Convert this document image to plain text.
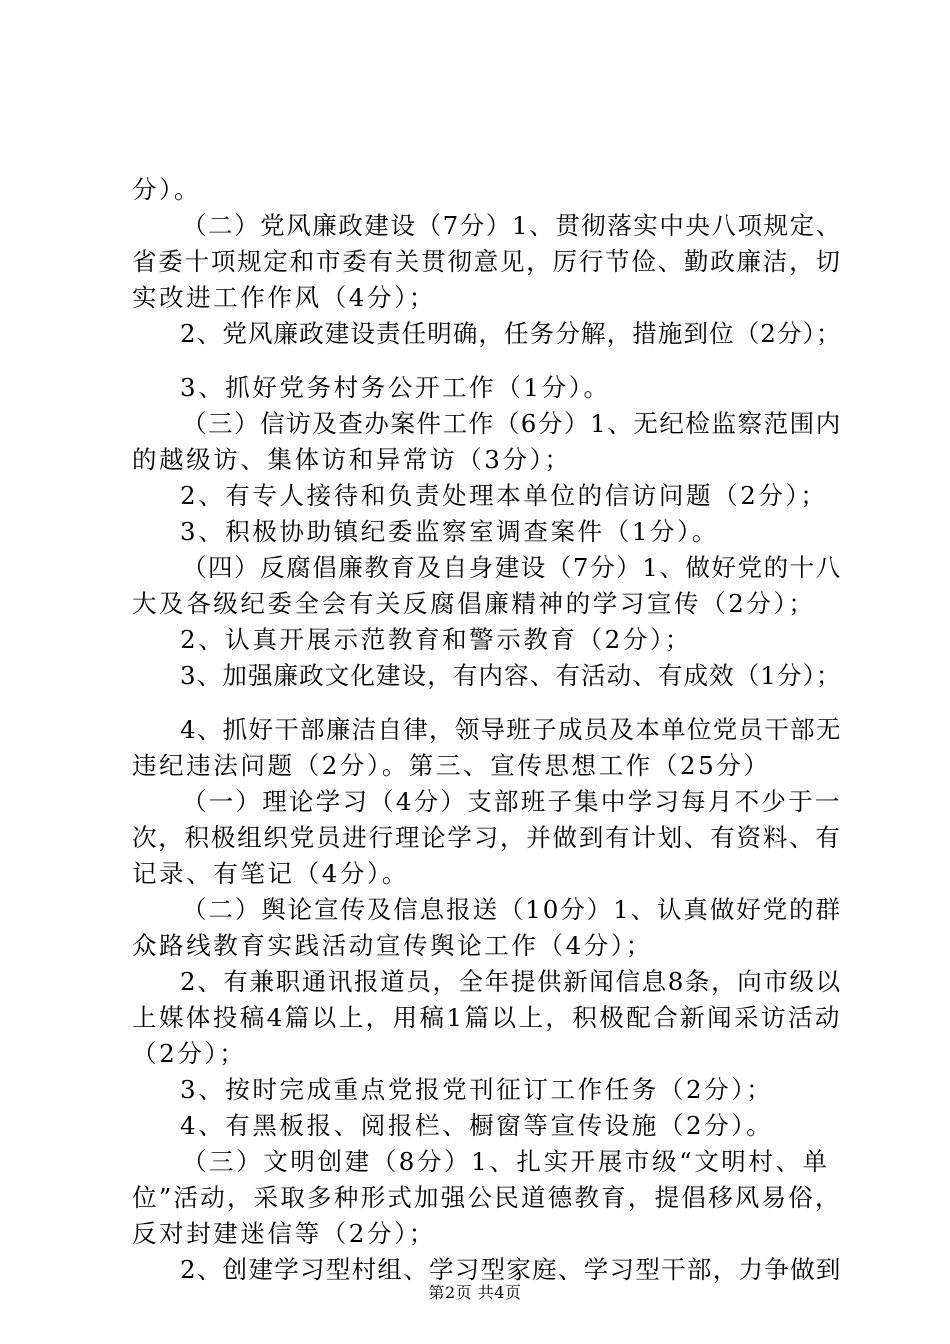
分）。
（二）党风廉政建设（7分）1、贯彻落实中央八项规定、
省委十项规定和市委有关贯彻意见，厉行节俭、勤政廉洁，切
实改进工作作风（4分）；
2、党风廉政建设责任明确，任务分解，措施到位（2分）；
3、抓好党务村务公开工作（1分）。
（三）信访及查办案件工作（6分）1、无纪检监察范围内
的越级访、集体访和异常访（3分）；
2、有专人接待和负责处理本单位的信访问题（2分）；
3、积极协助镇纪委监察室调查案件（1分）。
（四）反腐倡廉教育及自身建设（7分）1、做好党的十八
大及各级纪委全会有关反腐倡廉精神的学习宣传（2分）；
2、认真开展示范教育和警示教育（2分）；
3、加强廉政文化建设，有内容、有活动、有成效（1分）；
4、抓好干部廉洁自律，领导班子成员及本单位党员干部无
违纪违法问题（2分）。第三、宣传思想工作（25分）
（一）理论学习（4分）支部班子集中学习每月不少于一
次，积极组织党员进行理论学习，并做到有计划、有资料、有
记录、有笔记（4分）。
（二）舆论宣传及信息报送（10分）1、认真做好党的群
众路线教育实践活动宣传舆论工作（4分）；
2、有兼职通讯报道员，全年提供新闻信息8条，向市级以
上媒体投稿4篇以上，用稿1篇以上，积极配合新闻采访活动
（2分）；
3、按时完成重点党报党刊征订工作任务（2分）；
4、有黑板报、阅报栏、橱窗等宣传设施（2分）。
（三）文明创建（8分）1、扎实开展市级“文明村、单
位”活动，采取多种形式加强公民道德教育，提倡移风易俗，
反对封建迷信等（2分）；
2、创建学习型村组、学习型家庭、学习型干部，力争做到
第2页 共4页
